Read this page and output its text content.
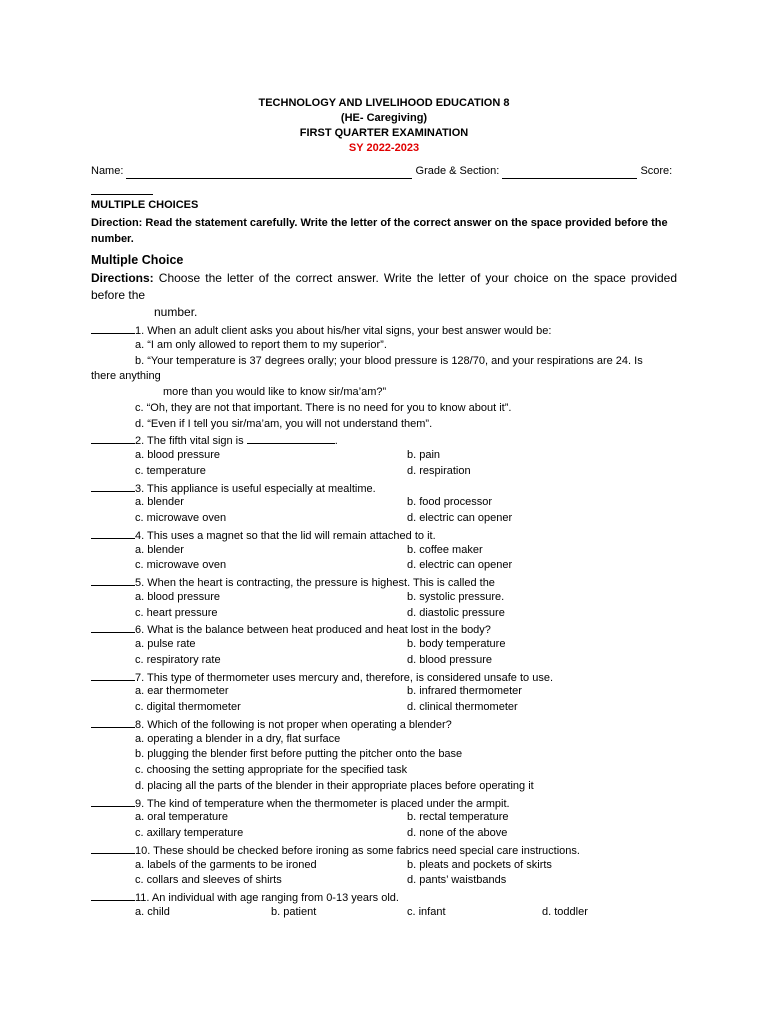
TECHNOLOGY AND LIVELIHOOD EDUCATION 8
(HE- Caregiving)
FIRST QUARTER EXAMINATION
SY 2022-2023
Name:	Grade & Section:	Score:

MULTIPLE CHOICES
Direction: Read the statement carefully. Write the letter of the correct answer on the space provided before the number.
Multiple Choice
Directions: Choose the letter of the correct answer. Write the letter of your choice on the space provided before the
number.
1. When an adult client asks you about his/her vital signs, your best answer would be:
a. “I am only allowed to report them to my superior”.
b. “Your temperature is 37 degrees orally; your blood pressure is 128/70, and your respirations are 24. Is
there anything
more than you would like to know sir/ma’am?”
c. “Oh, they are not that important. There is no need for you to know about it”.
d. “Even if I tell you sir/ma’am, you will not understand them”.
2. The fifth vital sign is	.
a. blood pressure	b. pain
c. temperature	d. respiration
3. This appliance is useful especially at mealtime.
a. blender	b. food processor
c. microwave oven	d. electric can opener
4. This uses a magnet so that the lid will remain attached to it.
a. blender	b. coffee maker
c. microwave oven	d. electric can opener
5. When the heart is contracting, the pressure is highest. This is called the
a. blood pressure	b. systolic pressure.
c. heart pressure	d. diastolic pressure
6. What is the balance between heat produced and heat lost in the body?
a. pulse rate	b. body temperature
c. respiratory rate	d. blood pressure
7. This type of thermometer uses mercury and, therefore, is considered unsafe to use.
a. ear thermometer	b. infrared thermometer
c. digital thermometer	d. clinical thermometer
8. Which of the following is not proper when operating a blender?
a. operating a blender in a dry, flat surface
b. plugging the blender first before putting the pitcher onto the base
c. choosing the setting appropriate for the specified task
d. placing all the parts of the blender in their appropriate places before operating it
9. The kind of temperature when the thermometer is placed under the armpit.
a. oral temperature	b. rectal temperature
c. axillary temperature	d. none of the above
10. These should be checked before ironing as some fabrics need special care instructions.
a. labels of the garments to be ironed	b. pleats and pockets of skirts
c. collars and sleeves of shirts	d. pants’ waistbands
11. An individual with age ranging from 0-13 years old.
a. child	b. patient	c. infant	d. toddler
